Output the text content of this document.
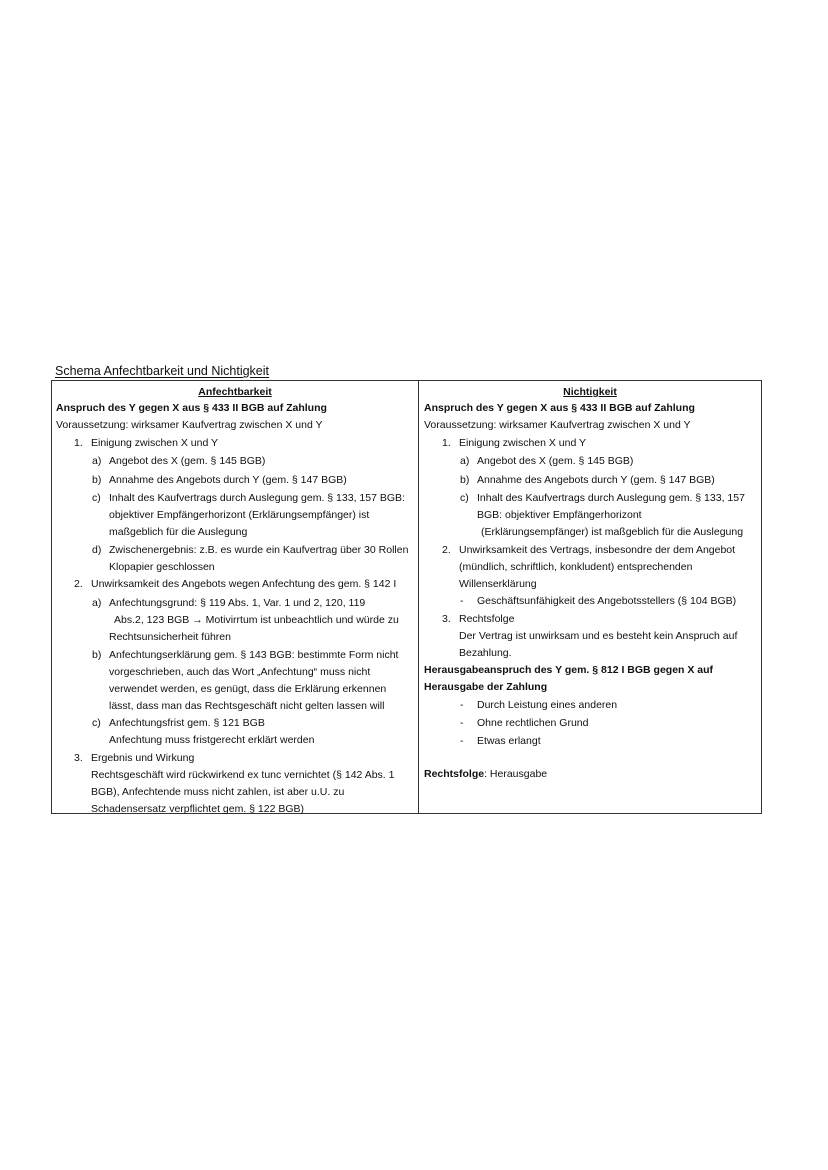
Schema Anfechtbarkeit und Nichtigkeit
Anfechtbarkeit
Anspruch des Y gegen X aus § 433 II BGB auf Zahlung
Voraussetzung: wirksamer Kaufvertrag zwischen X und Y
1. Einigung zwischen X und Y
a) Angebot des X (gem. § 145 BGB)
b) Annahme des Angebots durch Y (gem. § 147 BGB)
c) Inhalt des Kaufvertrags durch Auslegung gem. § 133, 157 BGB:
objektiver Empfängerhorizont (Erklärungsempfänger) ist
maßgeblich für die Auslegung
d) Zwischenergebnis: z.B. es wurde ein Kaufvertrag über 30 Rollen
Klopapier geschlossen
2. Unwirksamkeit des Angebots wegen Anfechtung des gem. § 142 I
a) Anfechtungsgrund: § 119 Abs. 1, Var. 1 und 2, 120, 119
Abs.2, 123 BGB → Motivirrtum ist unbeachtlich und würde zu
Rechtsunsicherheit führen
b) Anfechtungserklärung gem. § 143 BGB: bestimmte Form nicht
vorgeschrieben, auch das Wort „Anfechtung“ muss nicht
verwendet werden, es genügt, dass die Erklärung erkennen
lässt, dass man das Rechtsgeschäft nicht gelten lassen will
c) Anfechtungsfrist gem. § 121 BGB
Anfechtung muss fristgerecht erklärt werden
3. Ergebnis und Wirkung
Rechtsgeschäft wird rückwirkend ex tunc vernichtet (§ 142 Abs. 1
BGB), Anfechtende muss nicht zahlen, ist aber u.U. zu
Schadensersatz verpflichtet gem. § 122 BGB)
Nichtigkeit
Anspruch des Y gegen X aus § 433 II BGB auf Zahlung
Voraussetzung: wirksamer Kaufvertrag zwischen X und Y
1. Einigung zwischen X und Y
a) Angebot des X (gem. § 145 BGB)
b) Annahme des Angebots durch Y (gem. § 147 BGB)
c) Inhalt des Kaufvertrags durch Auslegung gem. § 133, 157
BGB: objektiver Empfängerhorizont
(Erklärungsempfänger) ist maßgeblich für die Auslegung
2. Unwirksamkeit des Vertrags, insbesondre der dem Angebot
(mündlich, schriftlich, konkludent) entsprechenden
Willenserklärung
- Geschäftsunfähigkeit des Angebotsstellers (§ 104 BGB)
3. Rechtsfolge
Der Vertrag ist unwirksam und es besteht kein Anspruch auf
Bezahlung.
Herausgabeanspruch des Y gem. § 812 I BGB gegen X auf
Herausgabe der Zahlung
- Durch Leistung eines anderen
- Ohne rechtlichen Grund
- Etwas erlangt
Rechtsfolge: Herausgabe
